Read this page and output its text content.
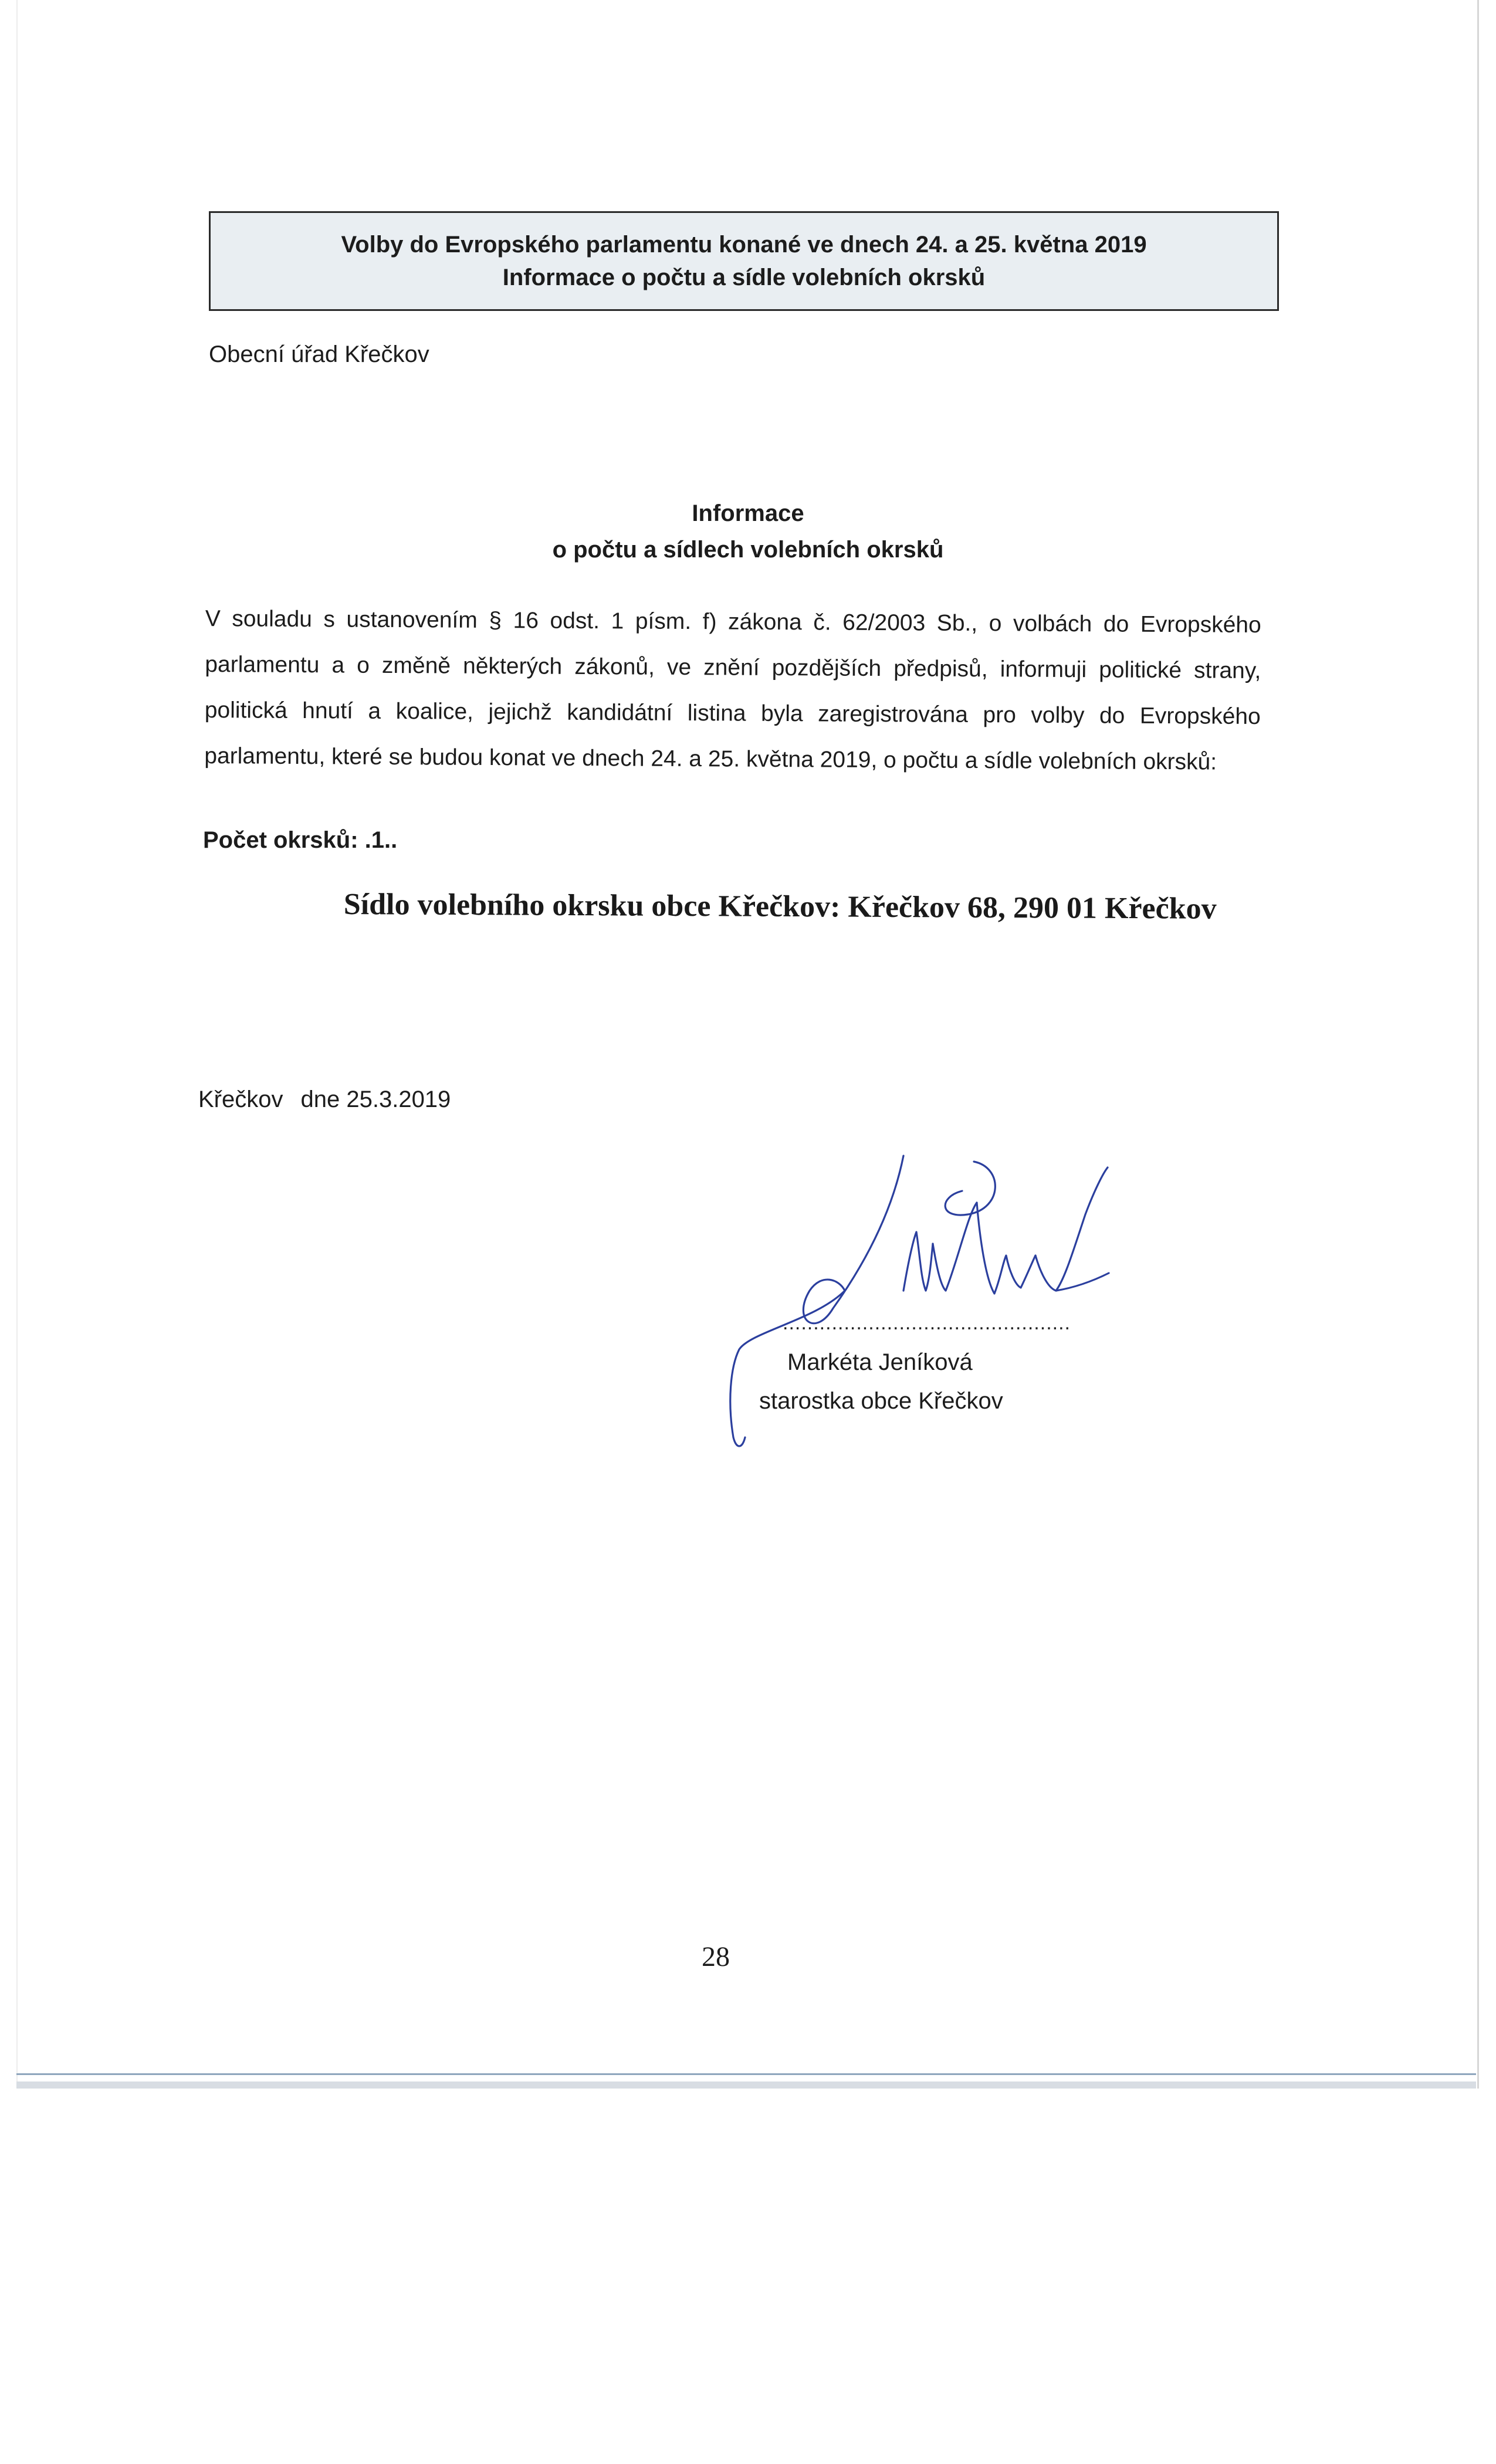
Volby do Evropského parlamentu konané ve dnech 24. a 25. května 2019
Informace o počtu a sídle volebních okrsků
Obecní úřad Křečkov
Informace
o počtu a sídlech volebních okrsků
V souladu s ustanovením § 16 odst. 1 písm. f) zákona č. 62/2003 Sb., o volbách do Evropského parlamentu a o změně některých zákonů, ve znění pozdějších předpisů, informuji politické strany, politická hnutí a koalice, jejichž kandidátní listina byla zaregistrována pro volby do Evropského parlamentu, které se budou konat ve dnech 24. a 25. května 2019, o počtu a sídle volebních okrsků:
Počet okrsků: .1..
Sídlo volebního okrsku obce Křečkov: Křečkov 68, 290 01 Křečkov
Křečkov dne 25.3.2019
...............................................
Markéta Jeníková
starostka obce Křečkov
28
